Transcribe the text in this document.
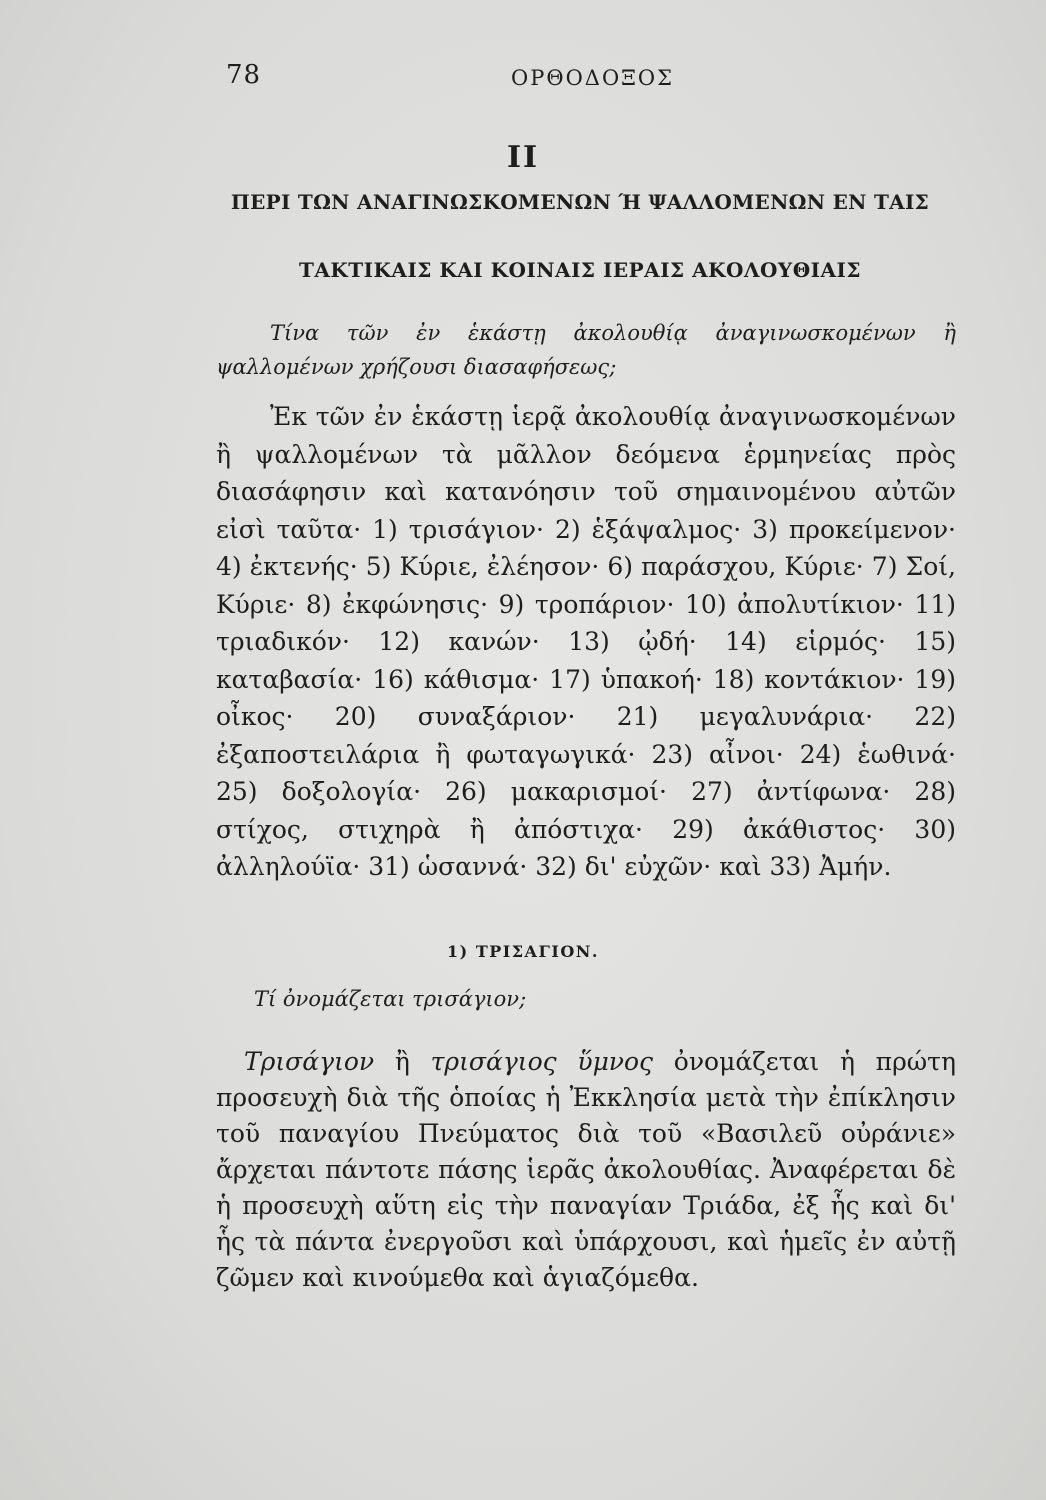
78	ΟΡΘΟΔΟΞΟΣ
ΙΙ
ΠΕΡΙ ΤΩΝ ΑΝΑΓΙΝΩΣΚΟΜΕΝΩΝ Ή ΨΑΛΛΟΜΕΝΩΝ ΕΝ ΤΑΙΣ
ΤΑΚΤΙΚΑΙΣ ΚΑΙ ΚΟΙΝΑΙΣ ΙΕΡΑΙΣ ΑΚΟΛΟΥΘΙΑΙΣ

Τίνα τῶν ἐν ἑκάστῃ ἀκολουθίᾳ ἀναγινωσκομένων ἢ ψαλλομένων χρήζουσι διασαφήσεως;

Ἐκ τῶν ἐν ἑκάστῃ ἱερᾷ ἀκολουθίᾳ ἀναγινωσκομένων ἢ ψαλλομένων τὰ μᾶλλον δεόμενα ἑρμηνείας πρὸς διασάφησιν καὶ κατανόησιν τοῦ σημαινομένου αὐτῶν εἰσὶ ταῦτα· 1) τρισάγιον· 2) ἑξάψαλμος· 3) προκείμενον· 4) ἐκτενής· 5) Κύριε, ἐλέησον· 6) παράσχου, Κύριε· 7) Σοί, Κύριε· 8) ἐκφώνησις· 9) τροπάριον· 10) ἀπολυτίκιον· 11) τριαδικόν· 12) κανών· 13) ᾠδή· 14) εἱρμός· 15) καταβασία· 16) κάθισμα· 17) ὑπακοή· 18) κοντάκιον· 19) οἶκος· 20) συναξάριον· 21) μεγαλυνάρια· 22) ἐξαποστειλάρια ἢ φωταγωγικά· 23) αἶνοι· 24) ἑωθινά· 25) δοξολογία· 26) μακαρισμοί· 27) ἀντίφωνα· 28) στίχος, στιχηρὰ ἢ ἀπόστιχα· 29) ἀκάθιστος· 30) ἀλληλούϊα· 31) ὡσαννά· 32) δι' εὐχῶν· καὶ 33) Ἀμήν.

1) ΤΡΙΣΑΓΙΟΝ.

Τί ὀνομάζεται τρισάγιον;

Τρισάγιον ἢ τρισάγιος ὕμνος ὀνομάζεται ἡ πρώτη προσευχὴ διὰ τῆς ὁποίας ἡ Ἐκκλησία μετὰ τὴν ἐπίκλησιν τοῦ παναγίου Πνεύματος διὰ τοῦ «Βασιλεῦ οὐράνιε» ἄρχεται πάντοτε πάσης ἱερᾶς ἀκολουθίας. Ἀναφέρεται δὲ ἡ προσευχὴ αὕτη εἰς τὴν παναγίαν Τριάδα, ἐξ ἧς καὶ δι' ἧς τὰ πάντα ἐνεργοῦσι καὶ ὑπάρχουσι, καὶ ἡμεῖς ἐν αὐτῇ ζῶμεν καὶ κινούμεθα καὶ ἁγιαζόμεθα.
